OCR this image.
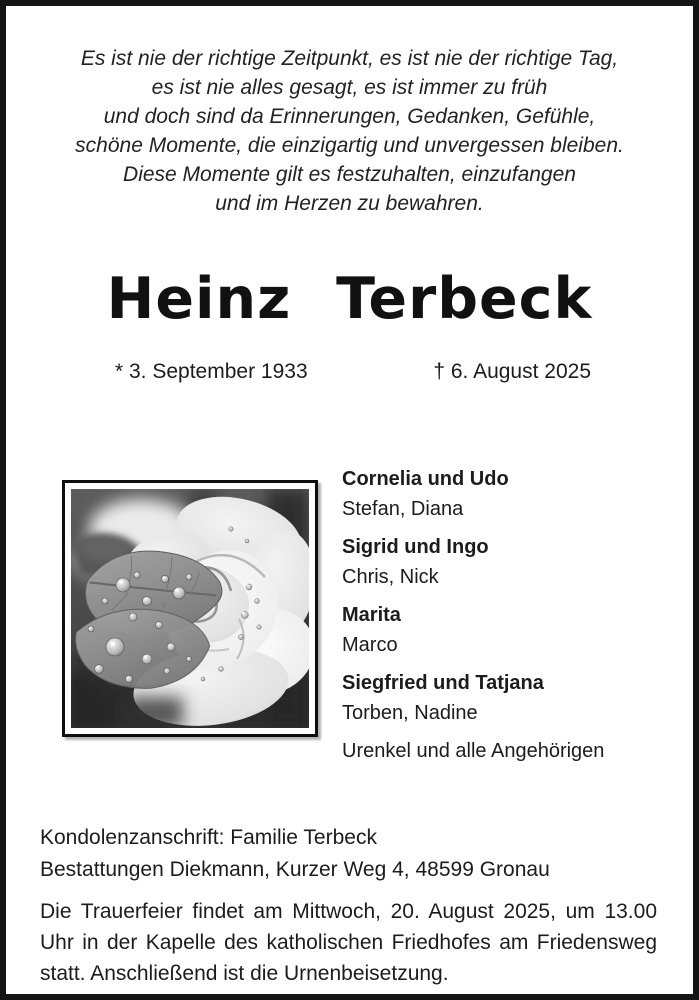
Es ist nie der richtige Zeitpunkt, es ist nie der richtige Tag,
es ist nie alles gesagt, es ist immer zu früh
und doch sind da Erinnerungen, Gedanken, Gefühle,
schöne Momente, die einzigartig und unvergessen bleiben.
Diese Momente gilt es festzuhalten, einzufangen
und im Herzen zu bewahren.
Heinz Terbeck
* 3. September 1933	† 6. August 2025
Cornelia und Udo
Stefan, Diana
Sigrid und Ingo
Chris, Nick
Marita
Marco
Siegfried und Tatjana
Torben, Nadine
Urenkel und alle Angehörigen
Kondolenzanschrift: Familie Terbeck
Bestattungen Diekmann, Kurzer Weg 4, 48599 Gronau

Die Trauerfeier findet am Mittwoch, 20. August 2025, um 13.00 Uhr in der Kapelle des katholischen Friedhofes am Friedensweg statt. Anschließend ist die Urnenbeisetzung.
